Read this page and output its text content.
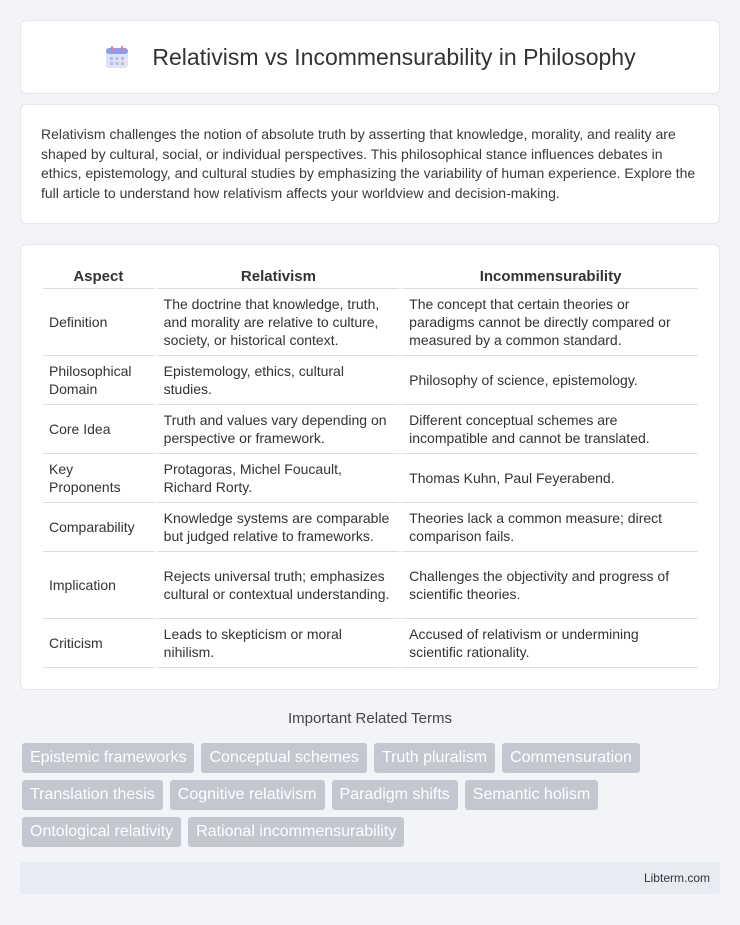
Relativism vs Incommensurability in Philosophy

Relativism challenges the notion of absolute truth by asserting that knowledge, morality, and reality are shaped by cultural, social, or individual perspectives. This philosophical stance influences debates in ethics, epistemology, and cultural studies by emphasizing the variability of human experience. Explore the full article to understand how relativism affects your worldview and decision-making.

Aspect	Relativism	Incommensurability
Definition	The doctrine that knowledge, truth, and morality are relative to culture, society, or historical context.	The concept that certain theories or paradigms cannot be directly compared or measured by a common standard.
Philosophical Domain	Epistemology, ethics, cultural studies.	Philosophy of science, epistemology.
Core Idea	Truth and values vary depending on perspective or framework.	Different conceptual schemes are incompatible and cannot be translated.
Key Proponents	Protagoras, Michel Foucault, Richard Rorty.	Thomas Kuhn, Paul Feyerabend.
Comparability	Knowledge systems are comparable but judged relative to frameworks.	Theories lack a common measure; direct comparison fails.
Implication	Rejects universal truth; emphasizes cultural or contextual understanding.	Challenges the objectivity and progress of scientific theories.
Criticism	Leads to skepticism or moral nihilism.	Accused of relativism or undermining scientific rationality.
Important Related Terms
Epistemic frameworks	Conceptual schemes	Truth pluralism	Commensuration
Translation thesis	Cognitive relativism	Paradigm shifts	Semantic holism
Ontological relativity	Rational incommensurability
Libterm.com
